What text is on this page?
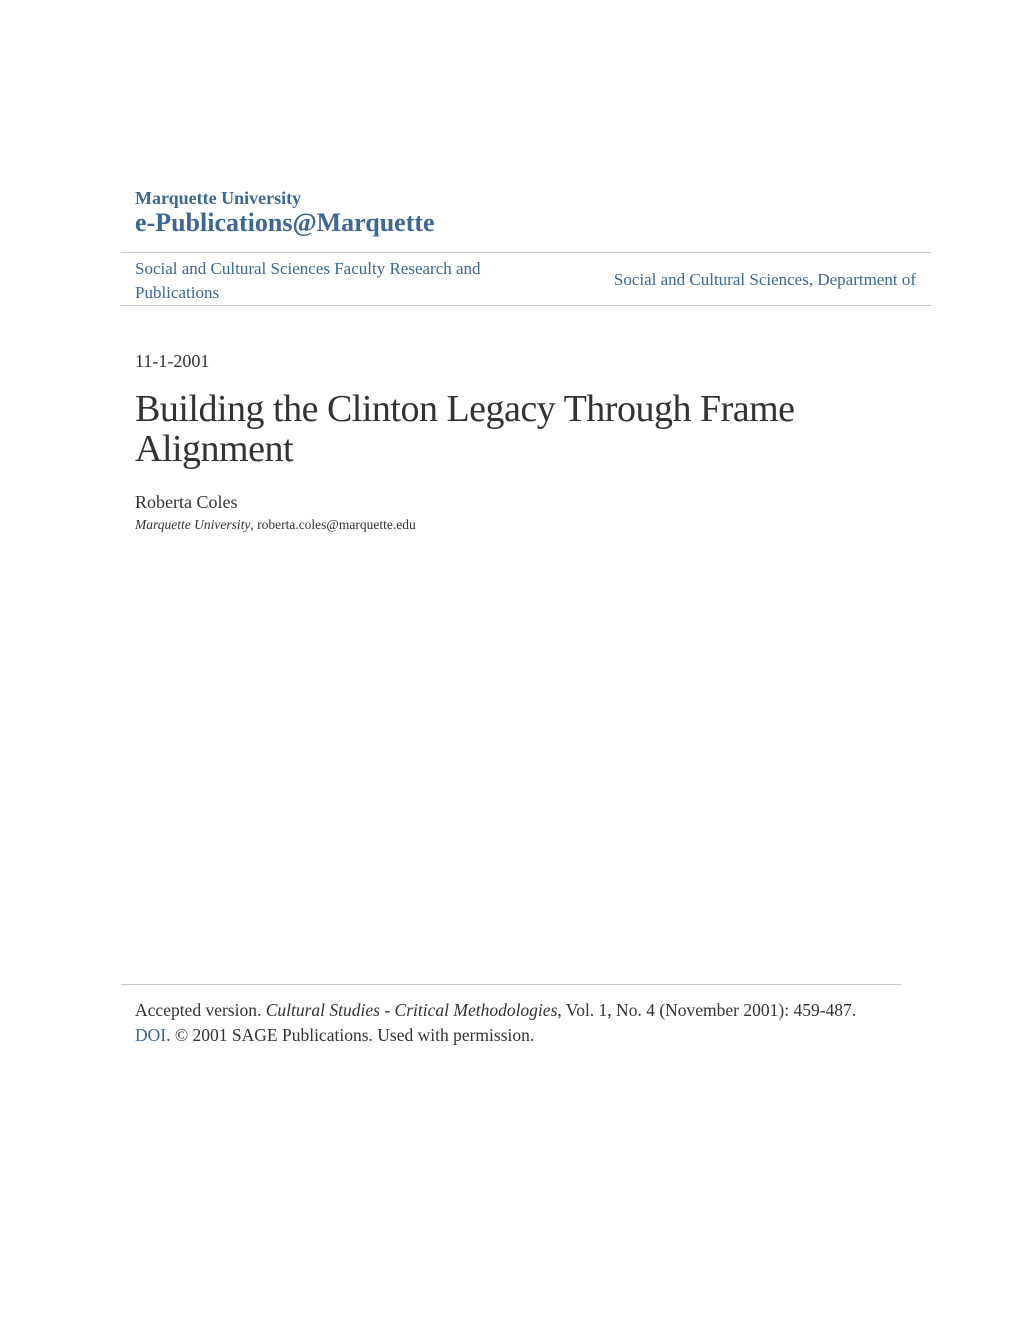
Marquette University
e-Publications@Marquette
Social and Cultural Sciences Faculty Research and Publications
Social and Cultural Sciences, Department of
11-1-2001
Building the Clinton Legacy Through Frame Alignment
Roberta Coles
Marquette University, roberta.coles@marquette.edu
Accepted version. Cultural Studies - Critical Methodologies, Vol. 1, No. 4 (November 2001): 459-487.
DOI. © 2001 SAGE Publications. Used with permission.
